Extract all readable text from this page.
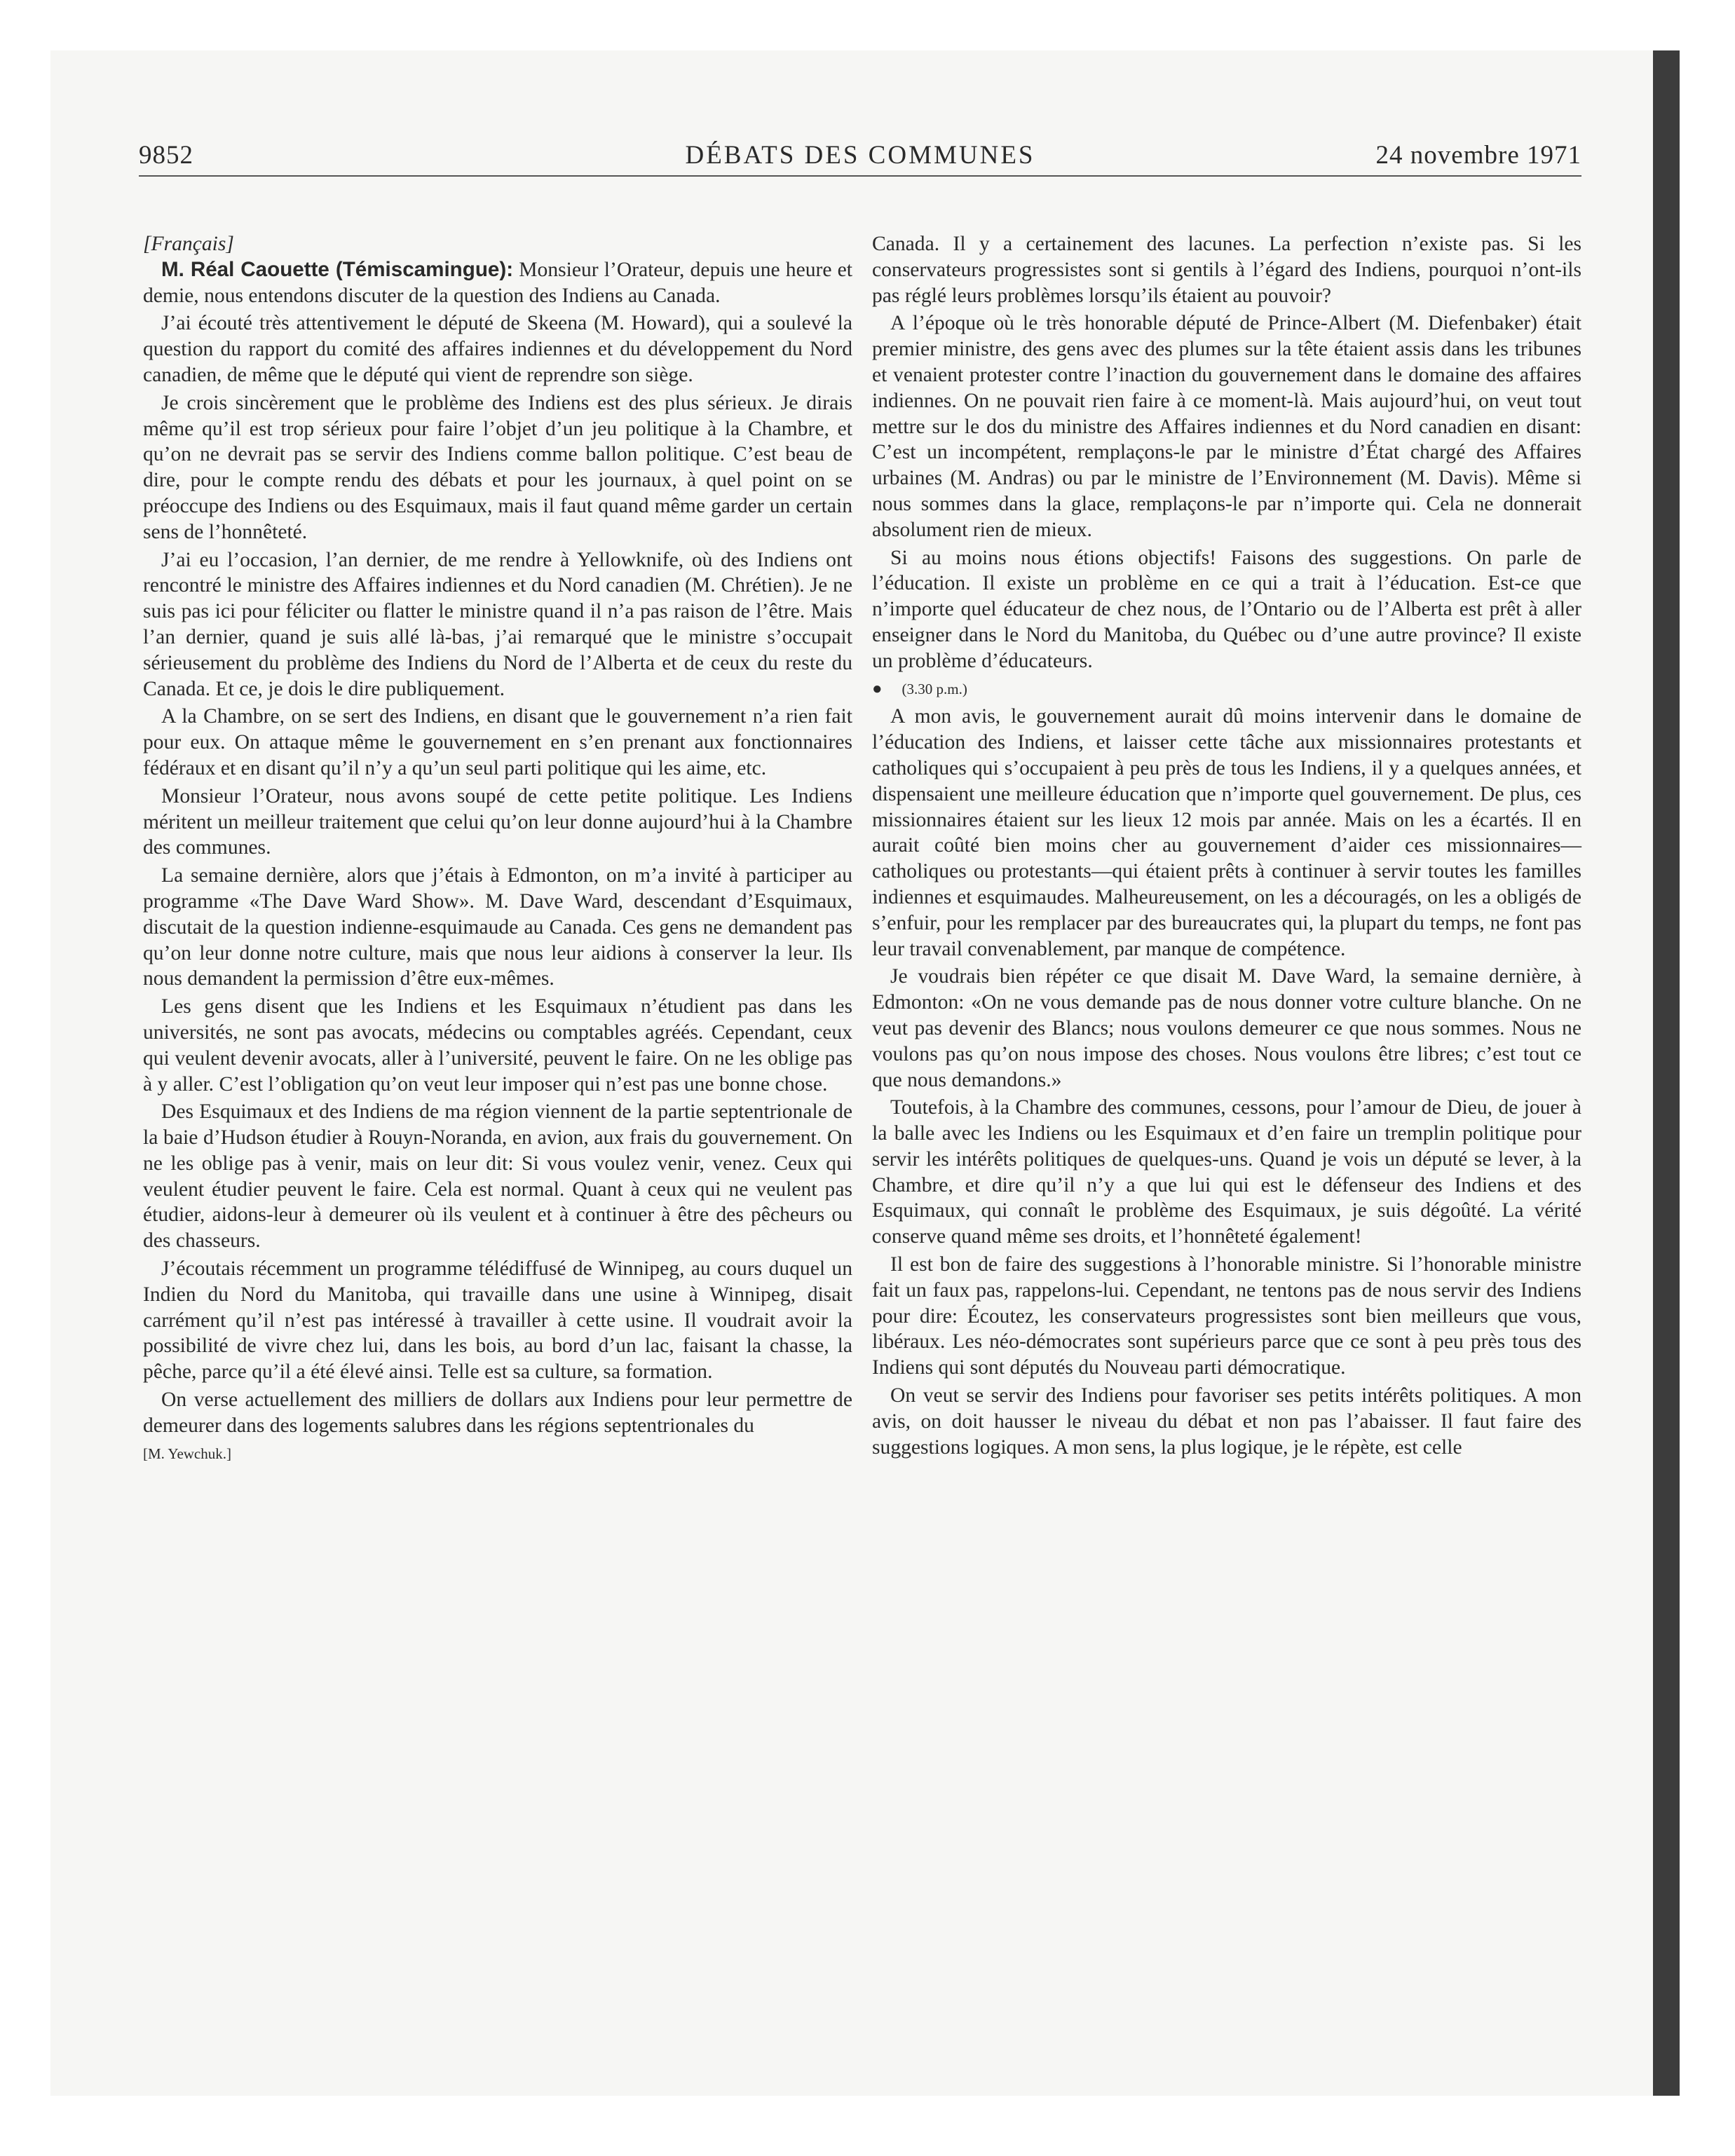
9852	DÉBATS DES COMMUNES	24 novembre 1971

[Français]

M. Réal Caouette (Témiscamingue): Monsieur l’Orateur, depuis une heure et demie, nous entendons discuter de la question des Indiens au Canada.

J’ai écouté très attentivement le député de Skeena (M. Howard), qui a soulevé la question du rapport du comité des affaires indiennes et du développement du Nord canadien, de même que le député qui vient de reprendre son siège.

Je crois sincèrement que le problème des Indiens est des plus sérieux. Je dirais même qu’il est trop sérieux pour faire l’objet d’un jeu politique à la Chambre, et qu’on ne devrait pas se servir des Indiens comme ballon politique. C’est beau de dire, pour le compte rendu des débats et pour les journaux, à quel point on se préoccupe des Indiens ou des Esquimaux, mais il faut quand même garder un certain sens de l’honnêteté.

J’ai eu l’occasion, l’an dernier, de me rendre à Yellowknife, où des Indiens ont rencontré le ministre des Affaires indiennes et du Nord canadien (M. Chrétien). Je ne suis pas ici pour féliciter ou flatter le ministre quand il n’a pas raison de l’être. Mais l’an dernier, quand je suis allé là-bas, j’ai remarqué que le ministre s’occupait sérieusement du problème des Indiens du Nord de l’Alberta et de ceux du reste du Canada. Et ce, je dois le dire publiquement.

A la Chambre, on se sert des Indiens, en disant que le gouvernement n’a rien fait pour eux. On attaque même le gouvernement en s’en prenant aux fonctionnaires fédéraux et en disant qu’il n’y a qu’un seul parti politique qui les aime, etc.

Monsieur l’Orateur, nous avons soupé de cette petite politique. Les Indiens méritent un meilleur traitement que celui qu’on leur donne aujourd’hui à la Chambre des communes.

La semaine dernière, alors que j’étais à Edmonton, on m’a invité à participer au programme «The Dave Ward Show». M. Dave Ward, descendant d’Esquimaux, discutait de la question indienne-esquimaude au Canada. Ces gens ne demandent pas qu’on leur donne notre culture, mais que nous leur aidions à conserver la leur. Ils nous demandent la permission d’être eux-mêmes.

Les gens disent que les Indiens et les Esquimaux n’étudient pas dans les universités, ne sont pas avocats, médecins ou comptables agréés. Cependant, ceux qui veulent devenir avocats, aller à l’université, peuvent le faire. On ne les oblige pas à y aller. C’est l’obligation qu’on veut leur imposer qui n’est pas une bonne chose.

Des Esquimaux et des Indiens de ma région viennent de la partie septentrionale de la baie d’Hudson étudier à Rouyn-Noranda, en avion, aux frais du gouvernement. On ne les oblige pas à venir, mais on leur dit: Si vous voulez venir, venez. Ceux qui veulent étudier peuvent le faire. Cela est normal. Quant à ceux qui ne veulent pas étudier, aidons-leur à demeurer où ils veulent et à continuer à être des pêcheurs ou des chasseurs.

J’écoutais récemment un programme télédiffusé de Winnipeg, au cours duquel un Indien du Nord du Manitoba, qui travaille dans une usine à Winnipeg, disait carrément qu’il n’est pas intéressé à travailler à cette usine. Il voudrait avoir la possibilité de vivre chez lui, dans les bois, au bord d’un lac, faisant la chasse, la pêche, parce qu’il a été élevé ainsi. Telle est sa culture, sa formation.

On verse actuellement des milliers de dollars aux Indiens pour leur permettre de demeurer dans des logements salubres dans les régions septentrionales du

[M. Yewchuk.]

Canada. Il y a certainement des lacunes. La perfection n’existe pas. Si les conservateurs progressistes sont si gentils à l’égard des Indiens, pourquoi n’ont-ils pas réglé leurs problèmes lorsqu’ils étaient au pouvoir?

A l’époque où le très honorable député de Prince-Albert (M. Diefenbaker) était premier ministre, des gens avec des plumes sur la tête étaient assis dans les tribunes et venaient protester contre l’inaction du gouvernement dans le domaine des affaires indiennes. On ne pouvait rien faire à ce moment-là. Mais aujourd’hui, on veut tout mettre sur le dos du ministre des Affaires indiennes et du Nord canadien en disant: C’est un incompétent, remplaçons-le par le ministre d’État chargé des Affaires urbaines (M. Andras) ou par le ministre de l’Environnement (M. Davis). Même si nous sommes dans la glace, remplaçons-le par n’importe qui. Cela ne donnerait absolument rien de mieux.

Si au moins nous étions objectifs! Faisons des suggestions. On parle de l’éducation. Il existe un problème en ce qui a trait à l’éducation. Est-ce que n’importe quel éducateur de chez nous, de l’Ontario ou de l’Alberta est prêt à aller enseigner dans le Nord du Manitoba, du Québec ou d’une autre province? Il existe un problème d’éducateurs.

● (3.30 p.m.)

A mon avis, le gouvernement aurait dû moins intervenir dans le domaine de l’éducation des Indiens, et laisser cette tâche aux missionnaires protestants et catholiques qui s’occupaient à peu près de tous les Indiens, il y a quelques années, et dispensaient une meilleure éducation que n’importe quel gouvernement. De plus, ces missionnaires étaient sur les lieux 12 mois par année. Mais on les a écartés. Il en aurait coûté bien moins cher au gouvernement d’aider ces missionnaires—catholiques ou protestants—qui étaient prêts à continuer à servir toutes les familles indiennes et esquimaudes. Malheureusement, on les a découragés, on les a obligés de s’enfuir, pour les remplacer par des bureaucrates qui, la plupart du temps, ne font pas leur travail convenablement, par manque de compétence.

Je voudrais bien répéter ce que disait M. Dave Ward, la semaine dernière, à Edmonton: «On ne vous demande pas de nous donner votre culture blanche. On ne veut pas devenir des Blancs; nous voulons demeurer ce que nous sommes. Nous ne voulons pas qu’on nous impose des choses. Nous voulons être libres; c’est tout ce que nous demandons.»

Toutefois, à la Chambre des communes, cessons, pour l’amour de Dieu, de jouer à la balle avec les Indiens ou les Esquimaux et d’en faire un tremplin politique pour servir les intérêts politiques de quelques-uns. Quand je vois un député se lever, à la Chambre, et dire qu’il n’y a que lui qui est le défenseur des Indiens et des Esquimaux, qui connaît le problème des Esquimaux, je suis dégoûté. La vérité conserve quand même ses droits, et l’honnêteté également!

Il est bon de faire des suggestions à l’honorable ministre. Si l’honorable ministre fait un faux pas, rappelons-lui. Cependant, ne tentons pas de nous servir des Indiens pour dire: Écoutez, les conservateurs progressistes sont bien meilleurs que vous, libéraux. Les néo-démocrates sont supérieurs parce que ce sont à peu près tous des Indiens qui sont députés du Nouveau parti démocratique.

On veut se servir des Indiens pour favoriser ses petits intérêts politiques. A mon avis, on doit hausser le niveau du débat et non pas l’abaisser. Il faut faire des suggestions logiques. A mon sens, la plus logique, je le répète, est celle
